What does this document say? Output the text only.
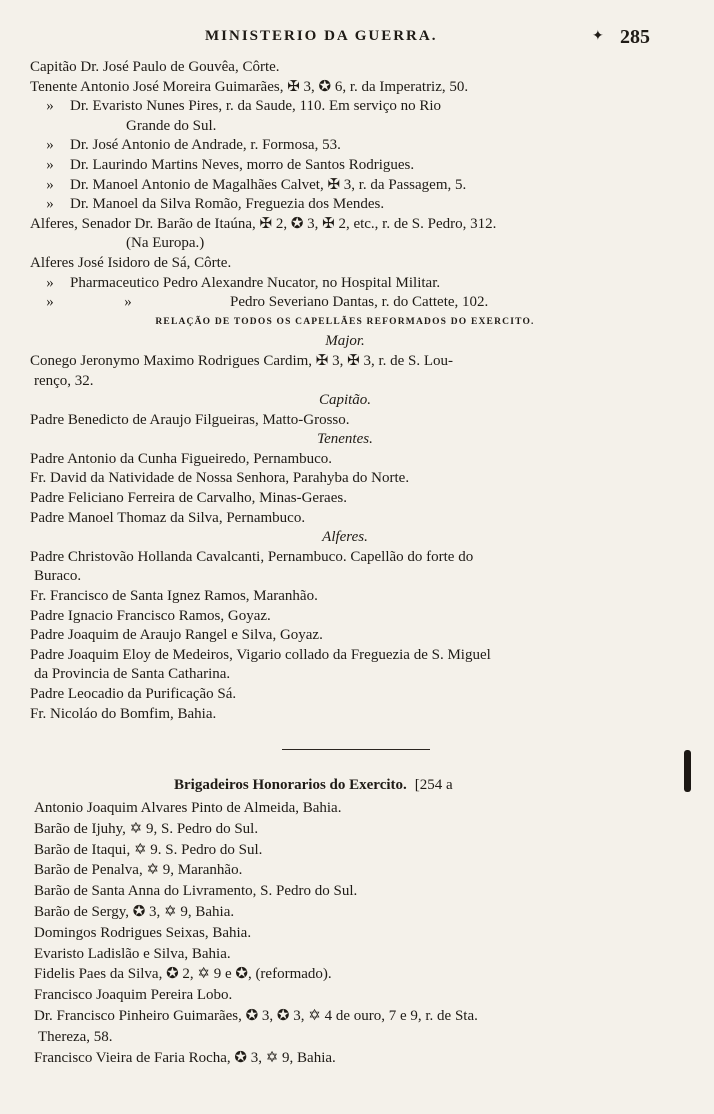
MINISTERIO DA GUERRA.	✦ 285
Capitão Dr. José Paulo de Gouvêa, Côrte.
Tenente Antonio José Moreira Guimarães, ✠ 3, ✪ 6, r. da Imperatriz, 50.
» Dr. Evaristo Nunes Pires, r. da Saude, 110. Em serviço no Rio
Grande do Sul.
» Dr. José Antonio de Andrade, r. Formosa, 53.
» Dr. Laurindo Martins Neves, morro de Santos Rodrigues.
» Dr. Manoel Antonio de Magalhães Calvet, ✠ 3, r. da Passagem, 5.
» Dr. Manoel da Silva Romão, Freguezia dos Mendes.
Alferes, Senador Dr. Barão de Itaúna, ✠ 2, ✪ 3, ✠ 2, etc., r. de S. Pedro, 312.
(Na Europa.)
Alferes José Isidoro de Sá, Côrte.
» Pharmaceutico Pedro Alexandre Nucator, no Hospital Militar.
»	»	Pedro Severiano Dantas, r. do Cattete, 102.
RELAÇÃO DE TODOS OS CAPELLÃES REFORMADOS DO EXERCITO.
Major.
Conego Jeronymo Maximo Rodrigues Cardim, ✠ 3, ✠ 3, r. de S. Lou-
renço, 32.
Capitão.
Padre Benedicto de Araujo Filgueiras, Matto-Grosso.
Tenentes.
Padre Antonio da Cunha Figueiredo, Pernambuco.
Fr. David da Natividade de Nossa Senhora, Parahyba do Norte.
Padre Feliciano Ferreira de Carvalho, Minas-Geraes.
Padre Manoel Thomaz da Silva, Pernambuco.
Alferes.
Padre Christovão Hollanda Cavalcanti, Pernambuco. Capellão do forte do
Buraco.
Fr. Francisco de Santa Ignez Ramos, Maranhão.
Padre Ignacio Francisco Ramos, Goyaz.
Padre Joaquim de Araujo Rangel e Silva, Goyaz.
Padre Joaquim Eloy de Medeiros, Vigario collado da Freguezia de S. Miguel
da Provincia de Santa Catharina.
Padre Leocadio da Purificação Sá.
Fr. Nicoláo do Bomfim, Bahia.
Brigadeiros Honorarios do Exercito. [254 a
Antonio Joaquim Alvares Pinto de Almeida, Bahia.
Barão de Ijuhy, ✡ 9, S. Pedro do Sul.
Barão de Itaqui, ✡ 9. S. Pedro do Sul.
Barão de Penalva, ✡ 9, Maranhão.
Barão de Santa Anna do Livramento, S. Pedro do Sul.
Barão de Sergy, ✪ 3, ✡ 9, Bahia.
Domingos Rodrigues Seixas, Bahia.
Evaristo Ladislão e Silva, Bahia.
Fidelis Paes da Silva, ✪ 2, ✡ 9 e ✪, (reformado).
Francisco Joaquim Pereira Lobo.
Dr. Francisco Pinheiro Guimarães, ✪ 3, ✪ 3, ✡ 4 de ouro, 7 e 9, r. de Sta.
Thereza, 58.
Francisco Vieira de Faria Rocha, ✪ 3, ✡ 9, Bahia.
